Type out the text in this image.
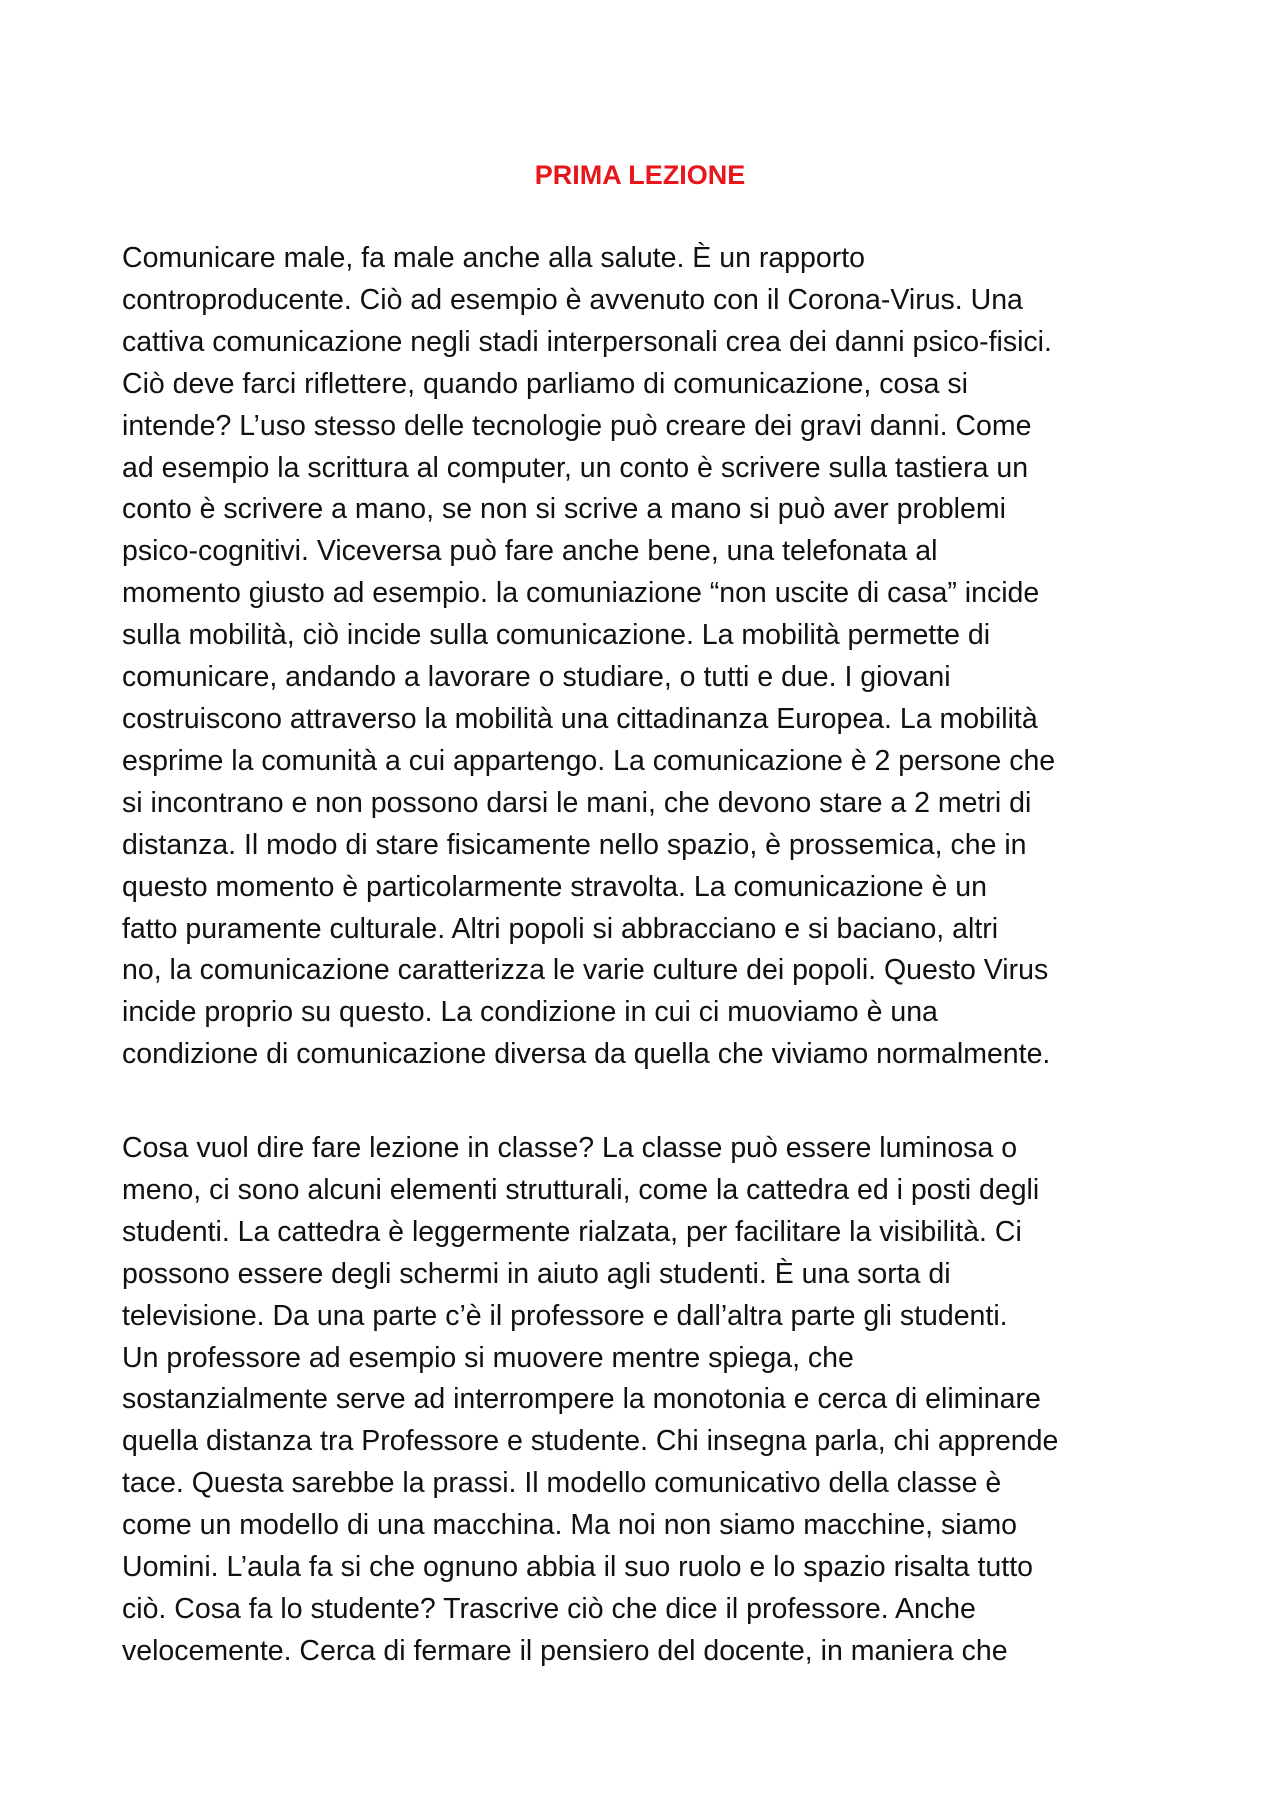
PRIMA LEZIONE
Comunicare male, fa male anche alla salute. È un rapporto
controproducente. Ciò ad esempio è avvenuto con il Corona-Virus. Una
cattiva comunicazione negli stadi interpersonali crea dei danni psico-fisici.
Ciò deve farci riflettere, quando parliamo di comunicazione, cosa si
intende? L’uso stesso delle tecnologie può creare dei gravi danni. Come
ad esempio la scrittura al computer, un conto è scrivere sulla tastiera un
conto è scrivere a mano, se non si scrive a mano si può aver problemi
psico-cognitivi. Viceversa può fare anche bene, una telefonata al
momento giusto ad esempio. la comuniazione “non uscite di casa” incide
sulla mobilità, ciò incide sulla comunicazione. La mobilità permette di
comunicare, andando a lavorare o studiare, o tutti e due. I giovani
costruiscono attraverso la mobilità una cittadinanza Europea. La mobilità
esprime la comunità a cui appartengo. La comunicazione è 2 persone che
si incontrano e non possono darsi le mani, che devono stare a 2 metri di
distanza. Il modo di stare fisicamente nello spazio, è prossemica, che in
questo momento è particolarmente stravolta. La comunicazione è un
fatto puramente culturale. Altri popoli si abbracciano e si baciano, altri
no, la comunicazione caratterizza le varie culture dei popoli. Questo Virus
incide proprio su questo. La condizione in cui ci muoviamo è una
condizione di comunicazione diversa da quella che viviamo normalmente.
Cosa vuol dire fare lezione in classe? La classe può essere luminosa o
meno, ci sono alcuni elementi strutturali, come la cattedra ed i posti degli
studenti. La cattedra è leggermente rialzata, per facilitare la visibilità. Ci
possono essere degli schermi in aiuto agli studenti. È una sorta di
televisione. Da una parte c’è il professore e dall’altra parte gli studenti.
Un professore ad esempio si muovere mentre spiega, che
sostanzialmente serve ad interrompere la monotonia e cerca di eliminare
quella distanza tra Professore e studente. Chi insegna parla, chi apprende
tace. Questa sarebbe la prassi. Il modello comunicativo della classe è
come un modello di una macchina. Ma noi non siamo macchine, siamo
Uomini. L’aula fa si che ognuno abbia il suo ruolo e lo spazio risalta tutto
ciò. Cosa fa lo studente? Trascrive ciò che dice il professore. Anche
velocemente. Cerca di fermare il pensiero del docente, in maniera che
